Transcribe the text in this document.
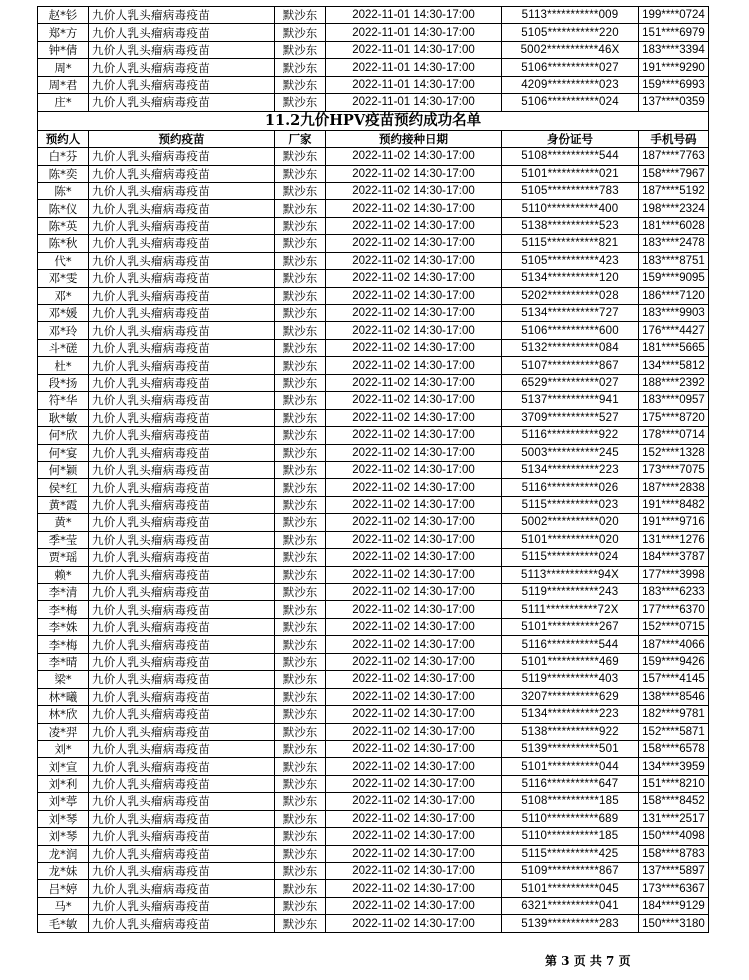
赵*钐	九价人乳头瘤病毒疫苗	默沙东	2022-11-01 14:30-17:00	5113***********009	199****0724
郑*方	九价人乳头瘤病毒疫苗	默沙东	2022-11-01 14:30-17:00	5105***********220	151****6979
钟*倩	九价人乳头瘤病毒疫苗	默沙东	2022-11-01 14:30-17:00	5002***********46X	183****3394
周*	九价人乳头瘤病毒疫苗	默沙东	2022-11-01 14:30-17:00	5106***********027	191****9290
周*君	九价人乳头瘤病毒疫苗	默沙东	2022-11-01 14:30-17:00	4209***********023	159****6993
庄*	九价人乳头瘤病毒疫苗	默沙东	2022-11-01 14:30-17:00	5106***********024	137****0359
11.2九价HPV疫苗预约成功名单					
预约人	预约疫苗	厂家	预约接种日期	身份证号	手机号码
白*芬	九价人乳头瘤病毒疫苗	默沙东	2022-11-02 14:30-17:00	5108***********544	187****7763
陈*奕	九价人乳头瘤病毒疫苗	默沙东	2022-11-02 14:30-17:00	5101***********021	158****7967
陈*	九价人乳头瘤病毒疫苗	默沙东	2022-11-02 14:30-17:00	5105***********783	187****5192
陈*仪	九价人乳头瘤病毒疫苗	默沙东	2022-11-02 14:30-17:00	5110***********400	198****2324
陈*英	九价人乳头瘤病毒疫苗	默沙东	2022-11-02 14:30-17:00	5138***********523	181****6028
陈*秋	九价人乳头瘤病毒疫苗	默沙东	2022-11-02 14:30-17:00	5115***********821	183****2478
代*	九价人乳头瘤病毒疫苗	默沙东	2022-11-02 14:30-17:00	5105***********423	183****8751
邓*雯	九价人乳头瘤病毒疫苗	默沙东	2022-11-02 14:30-17:00	5134***********120	159****9095
邓*	九价人乳头瘤病毒疫苗	默沙东	2022-11-02 14:30-17:00	5202***********028	186****7120
邓*媛	九价人乳头瘤病毒疫苗	默沙东	2022-11-02 14:30-17:00	5134***********727	183****9903
邓*玲	九价人乳头瘤病毒疫苗	默沙东	2022-11-02 14:30-17:00	5106***********600	176****4427
斗*磋	九价人乳头瘤病毒疫苗	默沙东	2022-11-02 14:30-17:00	5132***********084	181****5665
杜*	九价人乳头瘤病毒疫苗	默沙东	2022-11-02 14:30-17:00	5107***********867	134****5812
段*扬	九价人乳头瘤病毒疫苗	默沙东	2022-11-02 14:30-17:00	6529***********027	188****2392
符*华	九价人乳头瘤病毒疫苗	默沙东	2022-11-02 14:30-17:00	5137***********941	183****0957
耿*敏	九价人乳头瘤病毒疫苗	默沙东	2022-11-02 14:30-17:00	3709***********527	175****8720
何*欣	九价人乳头瘤病毒疫苗	默沙东	2022-11-02 14:30-17:00	5116***********922	178****0714
何*宴	九价人乳头瘤病毒疫苗	默沙东	2022-11-02 14:30-17:00	5003***********245	152****1328
何*颖	九价人乳头瘤病毒疫苗	默沙东	2022-11-02 14:30-17:00	5134***********223	173****7075
侯*红	九价人乳头瘤病毒疫苗	默沙东	2022-11-02 14:30-17:00	5116***********026	187****2838
黄*霞	九价人乳头瘤病毒疫苗	默沙东	2022-11-02 14:30-17:00	5115***********023	191****8482
黄*	九价人乳头瘤病毒疫苗	默沙东	2022-11-02 14:30-17:00	5002***********020	191****9716
季*莹	九价人乳头瘤病毒疫苗	默沙东	2022-11-02 14:30-17:00	5101***********020	131****1276
贾*瑶	九价人乳头瘤病毒疫苗	默沙东	2022-11-02 14:30-17:00	5115***********024	184****3787
赖*	九价人乳头瘤病毒疫苗	默沙东	2022-11-02 14:30-17:00	5113***********94X	177****3998
李*清	九价人乳头瘤病毒疫苗	默沙东	2022-11-02 14:30-17:00	5119***********243	183****6233
李*梅	九价人乳头瘤病毒疫苗	默沙东	2022-11-02 14:30-17:00	5111***********72X	177****6370
李*姝	九价人乳头瘤病毒疫苗	默沙东	2022-11-02 14:30-17:00	5101***********267	152****0715
李*梅	九价人乳头瘤病毒疫苗	默沙东	2022-11-02 14:30-17:00	5116***********544	187****4066
李*晴	九价人乳头瘤病毒疫苗	默沙东	2022-11-02 14:30-17:00	5101***********469	159****9426
梁*	九价人乳头瘤病毒疫苗	默沙东	2022-11-02 14:30-17:00	5119***********403	157****4145
林*曦	九价人乳头瘤病毒疫苗	默沙东	2022-11-02 14:30-17:00	3207***********629	138****8546
林*欣	九价人乳头瘤病毒疫苗	默沙东	2022-11-02 14:30-17:00	5134***********223	182****9781
凌*羿	九价人乳头瘤病毒疫苗	默沙东	2022-11-02 14:30-17:00	5138***********922	152****5871
刘*	九价人乳头瘤病毒疫苗	默沙东	2022-11-02 14:30-17:00	5139***********501	158****6578
刘*宣	九价人乳头瘤病毒疫苗	默沙东	2022-11-02 14:30-17:00	5101***********044	134****3959
刘*利	九价人乳头瘤病毒疫苗	默沙东	2022-11-02 14:30-17:00	5116***********647	151****8210
刘*葶	九价人乳头瘤病毒疫苗	默沙东	2022-11-02 14:30-17:00	5108***********185	158****8452
刘*琴	九价人乳头瘤病毒疫苗	默沙东	2022-11-02 14:30-17:00	5110***********689	131****2517
刘*琴	九价人乳头瘤病毒疫苗	默沙东	2022-11-02 14:30-17:00	5110***********185	150****4098
龙*润	九价人乳头瘤病毒疫苗	默沙东	2022-11-02 14:30-17:00	5115***********425	158****8783
龙*妹	九价人乳头瘤病毒疫苗	默沙东	2022-11-02 14:30-17:00	5109***********867	137****5897
吕*婷	九价人乳头瘤病毒疫苗	默沙东	2022-11-02 14:30-17:00	5101***********045	173****6367
马*	九价人乳头瘤病毒疫苗	默沙东	2022-11-02 14:30-17:00	6321***********041	184****9129
毛*敏	九价人乳头瘤病毒疫苗	默沙东	2022-11-02 14:30-17:00	5139***********283	150****3180
第 3 页 共 7 页
